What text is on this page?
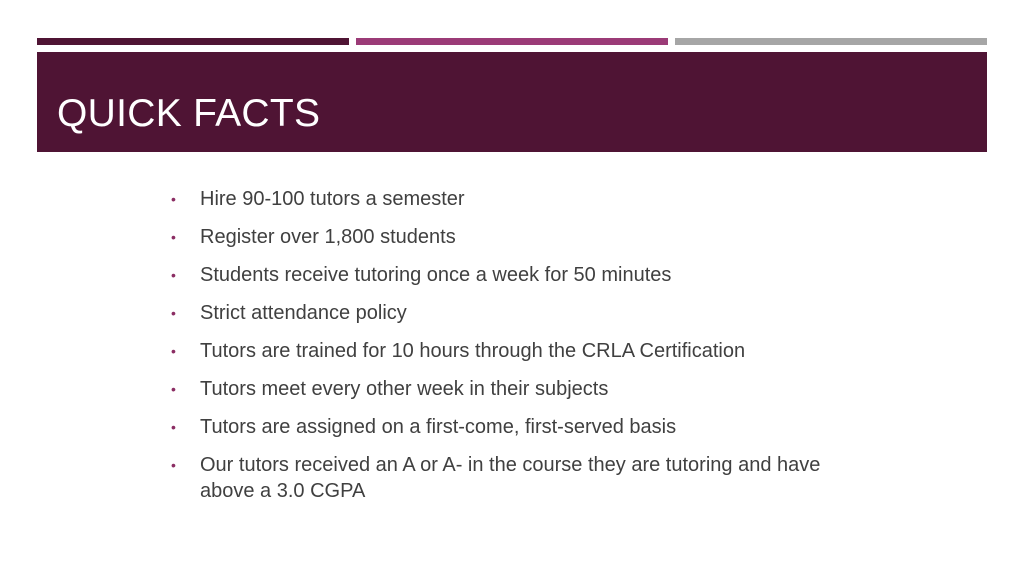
QUICK FACTS
• Hire 90-100 tutors a semester
• Register over 1,800 students
• Students receive tutoring once a week for 50 minutes
• Strict attendance policy
• Tutors are trained for 10 hours through the CRLA Certification
• Tutors meet every other week in their subjects
• Tutors are assigned on a first-come, first-served basis
• Our tutors received an A or A- in the course they are tutoring and have above a 3.0 CGPA
